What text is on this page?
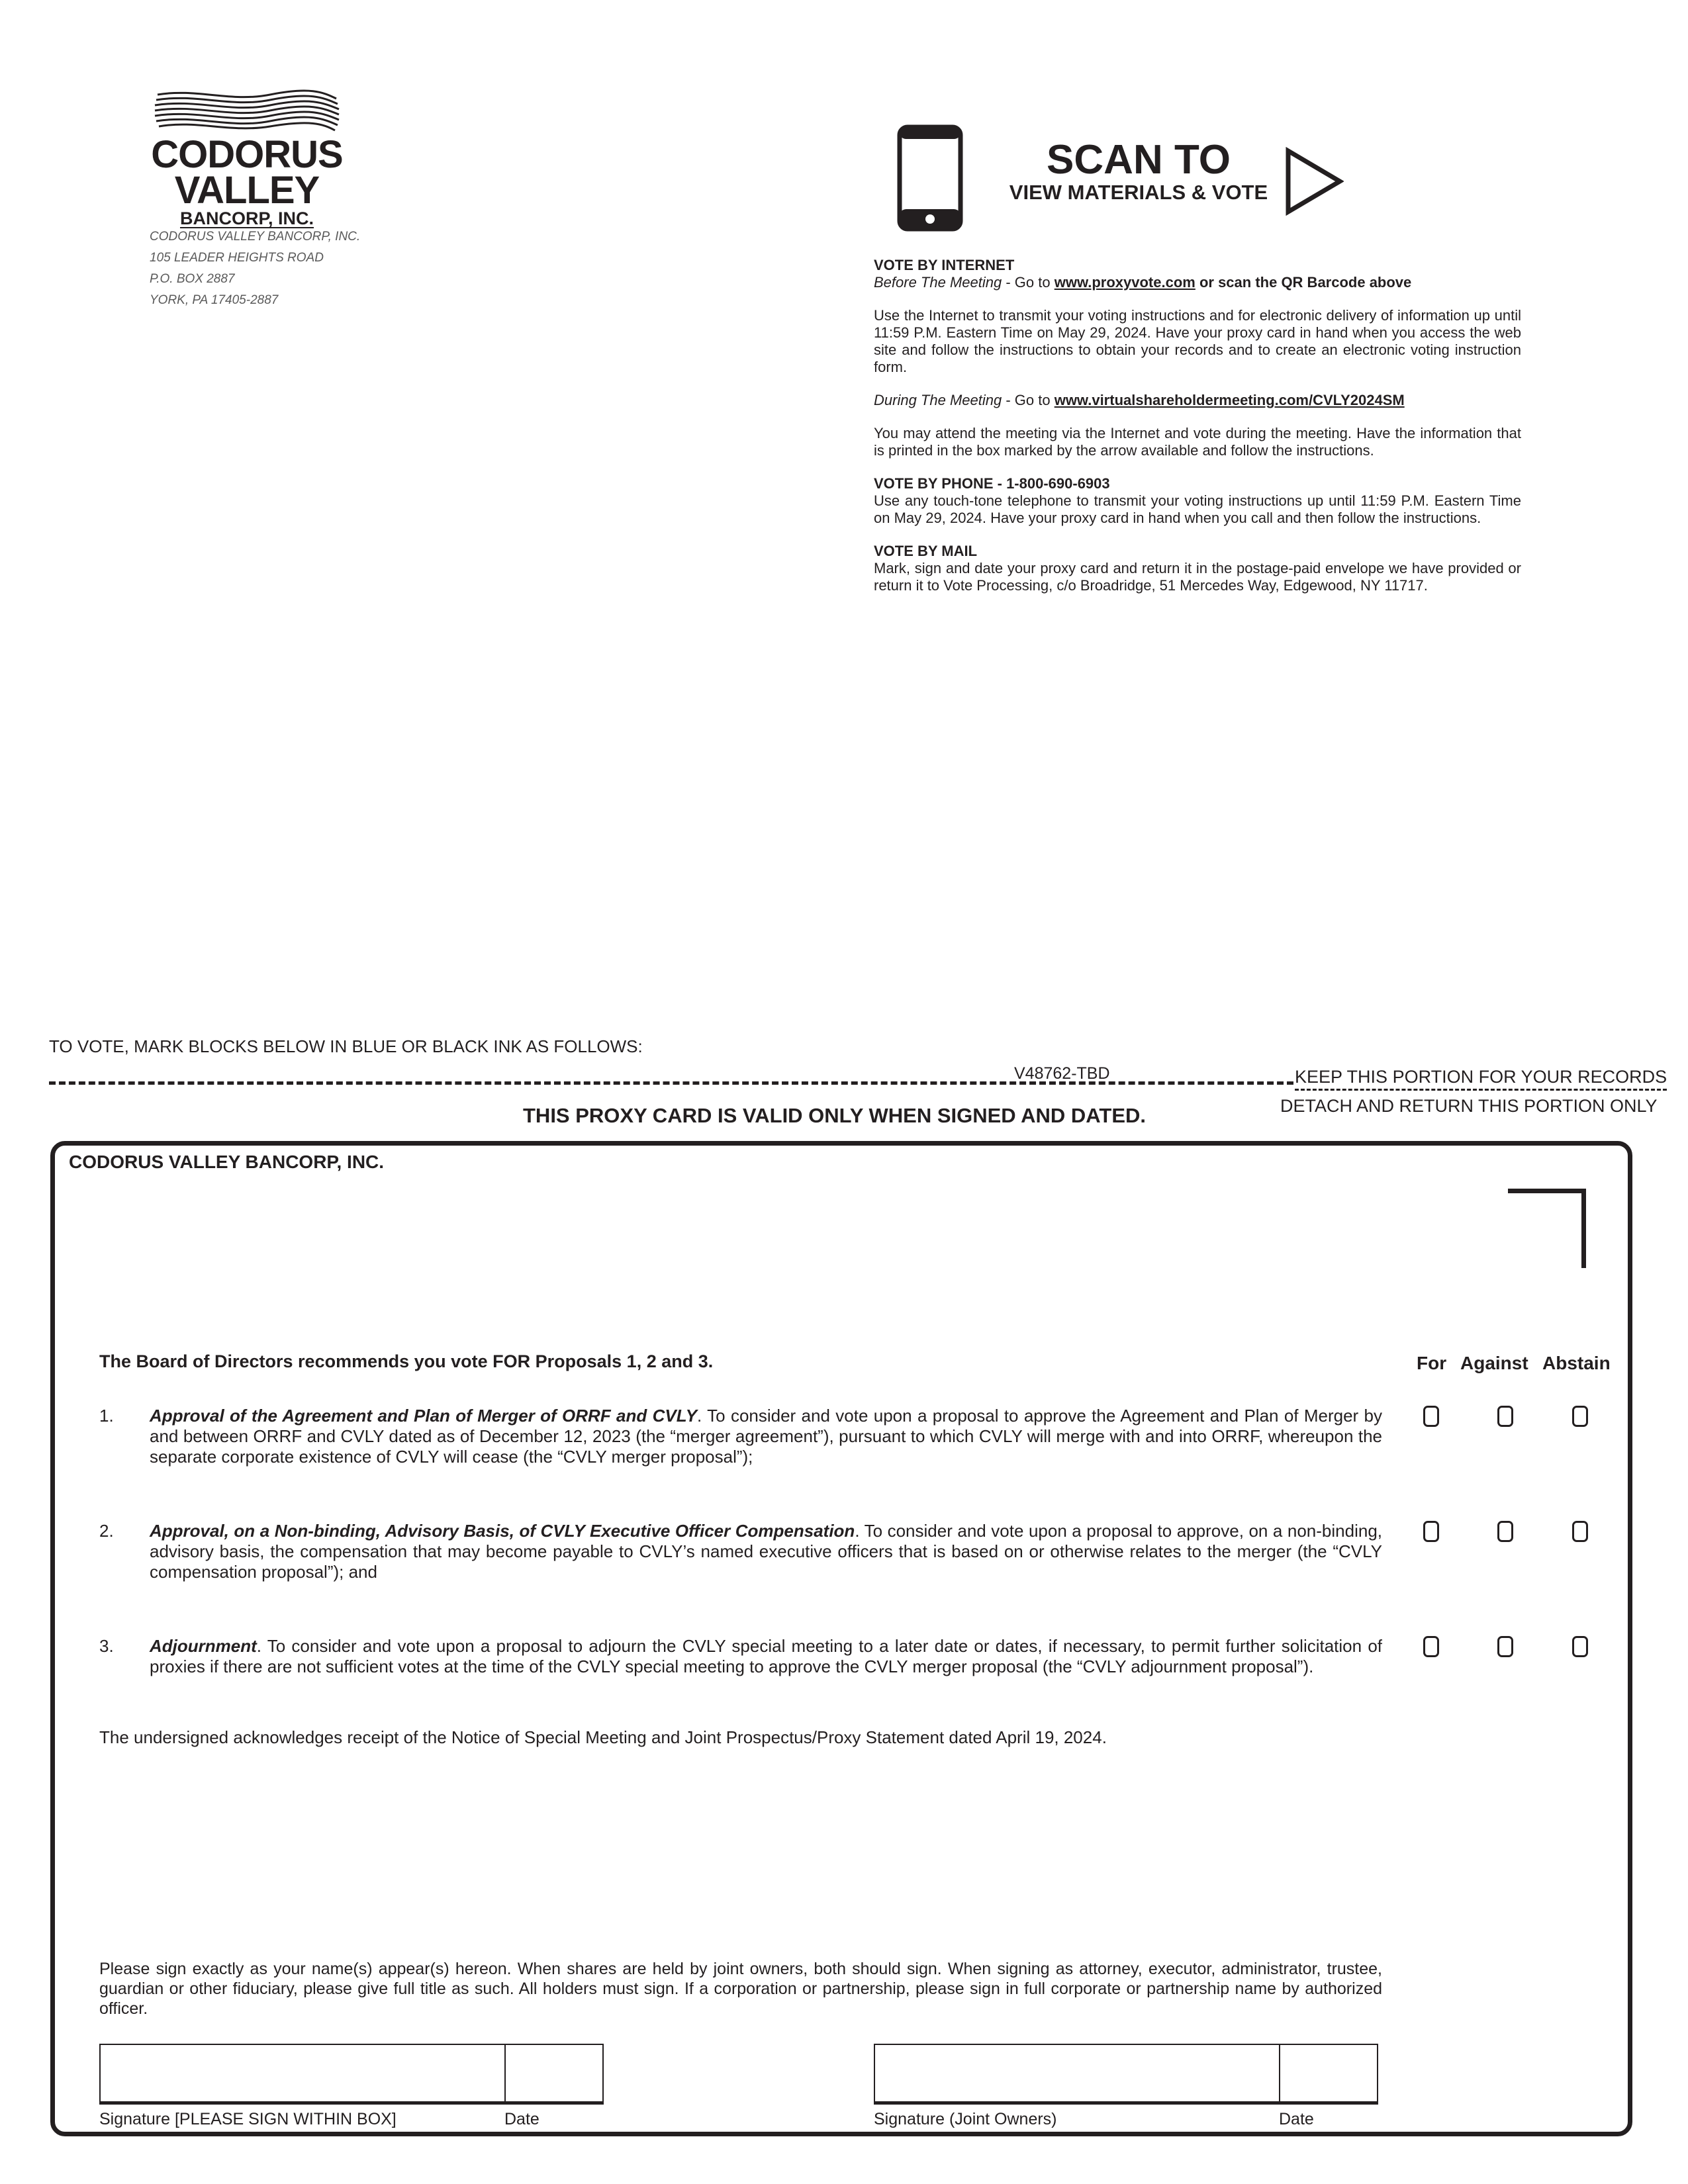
CODORUS
VALLEY
BANCORP, INC.
CODORUS VALLEY BANCORP, INC.
105 LEADER HEIGHTS ROAD
P.O. BOX 2887
YORK, PA 17405-2887
SCAN TO
VIEW MATERIALS & VOTE
VOTE BY INTERNET

Before The Meeting - Go to www.proxyvote.com or scan the QR Barcode above

Use the Internet to transmit your voting instructions and for electronic delivery of information up until 11:59 P.M. Eastern Time on May 29, 2024. Have your proxy card in hand when you access the web site and follow the instructions to obtain your records and to create an electronic voting instruction form.

During The Meeting - Go to www.virtualshareholdermeeting.com/CVLY2024SM

You may attend the meeting via the Internet and vote during the meeting. Have the information that is printed in the box marked by the arrow available and follow the instructions.

VOTE BY PHONE - 1-800-690-6903

Use any touch-tone telephone to transmit your voting instructions up until 11:59 P.M. Eastern Time on May 29, 2024. Have your proxy card in hand when you call and then follow the instructions.

VOTE BY MAIL

Mark, sign and date your proxy card and return it in the postage-paid envelope we have provided or return it to Vote Processing, c/o Broadridge, 51 Mercedes Way, Edgewood, NY 11717.

TO VOTE, MARK BLOCKS BELOW IN BLUE OR BLACK INK AS FOLLOWS:
V48762-TBD	KEEP THIS PORTION FOR YOUR RECORDS
DETACH AND RETURN THIS PORTION ONLY
THIS PROXY CARD IS VALID ONLY WHEN SIGNED AND DATED.
CODORUS VALLEY BANCORP, INC.
The Board of Directors recommends you vote FOR Proposals 1, 2 and 3.	For Against Abstain
1. Approval of the Agreement and Plan of Merger of ORRF and CVLY. To consider and vote upon a proposal to approve the Agreement and Plan of Merger by and between ORRF and CVLY dated as of December 12, 2023 (the “merger agreement”), pursuant to which CVLY will merge with and into ORRF, whereupon the separate corporate existence of CVLY will cease (the “CVLY merger proposal”);
2. Approval, on a Non-binding, Advisory Basis, of CVLY Executive Officer Compensation. To consider and vote upon a proposal to approve, on a non-binding, advisory basis, the compensation that may become payable to CVLY’s named executive officers that is based on or otherwise relates to the merger (the “CVLY compensation proposal”); and
3. Adjournment. To consider and vote upon a proposal to adjourn the CVLY special meeting to a later date or dates, if necessary, to permit further solicitation of proxies if there are not sufficient votes at the time of the CVLY special meeting to approve the CVLY merger proposal (the “CVLY adjournment proposal”).
The undersigned acknowledges receipt of the Notice of Special Meeting and Joint Prospectus/Proxy Statement dated April 19, 2024.
Please sign exactly as your name(s) appear(s) hereon. When shares are held by joint owners, both should sign. When signing as attorney, executor, administrator, trustee, guardian or other fiduciary, please give full title as such. All holders must sign. If a corporation or partnership, please sign in full corporate or partnership name by authorized officer.
Signature [PLEASE SIGN WITHIN BOX]	Date	Signature (Joint Owners)	Date
